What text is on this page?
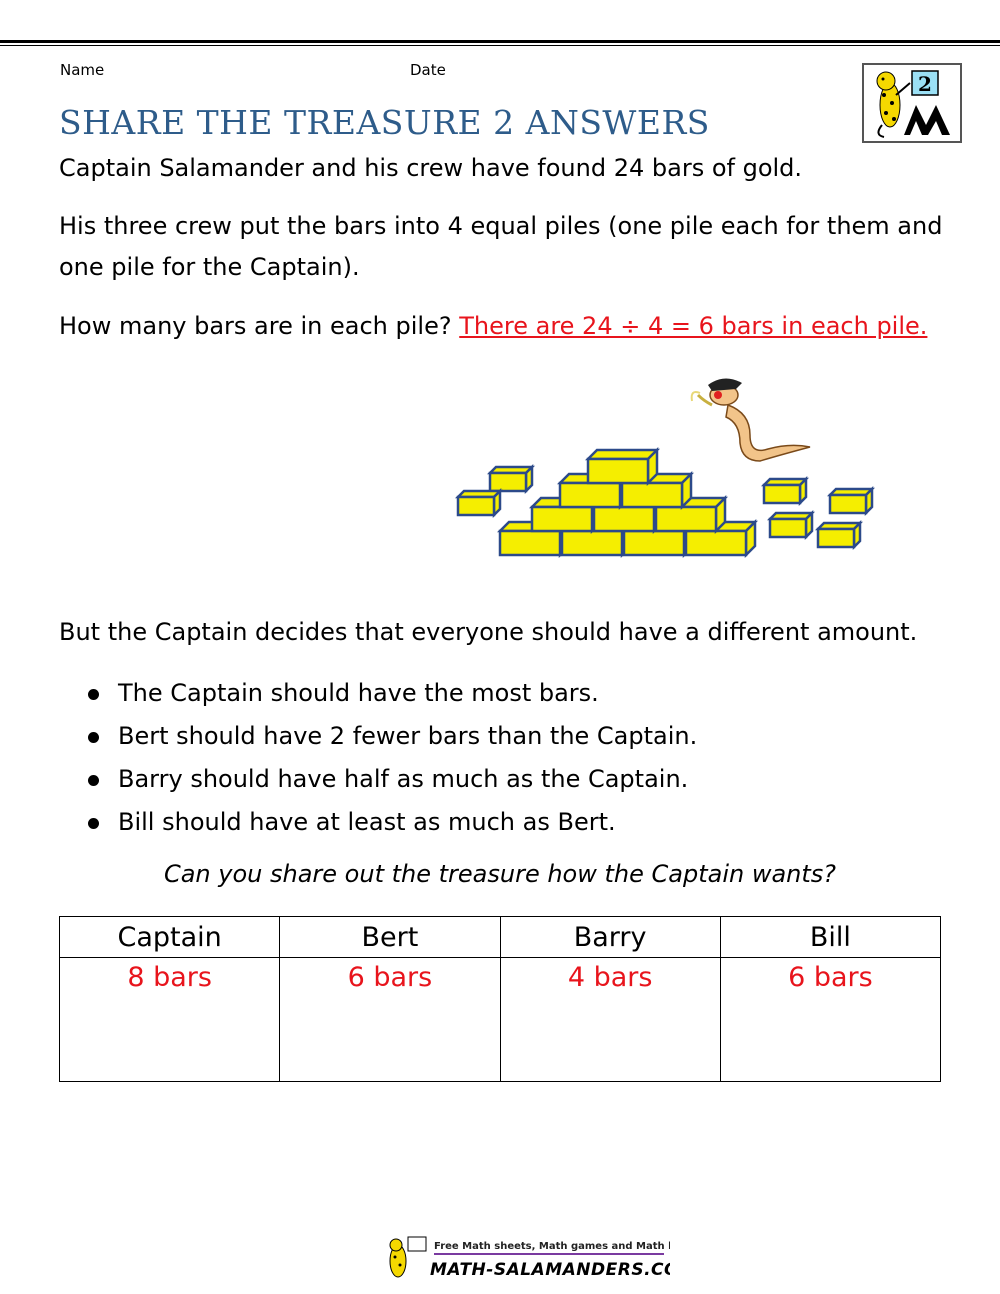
Name	Date
2
SHARE THE TREASURE 2 ANSWERS
Captain Salamander and his crew have found 24 bars of gold.
His three crew put the bars into 4 equal piles (one pile each for them and one pile for the Captain).
How many bars are in each pile? There are 24 ÷ 4 = 6 bars in each pile.
But the Captain decides that everyone should have a different amount.
The Captain should have the most bars.
Bert should have 2 fewer bars than the Captain.
Barry should have half as much as the Captain.
Bill should have at least as much as Bert.
Can you share out the treasure how the Captain wants?
Captain	Bert	Barry	Bill
8 bars	6 bars	4 bars	6 bars
Free Math sheets, Math games and Math help
MATH-SALAMANDERS.COM
